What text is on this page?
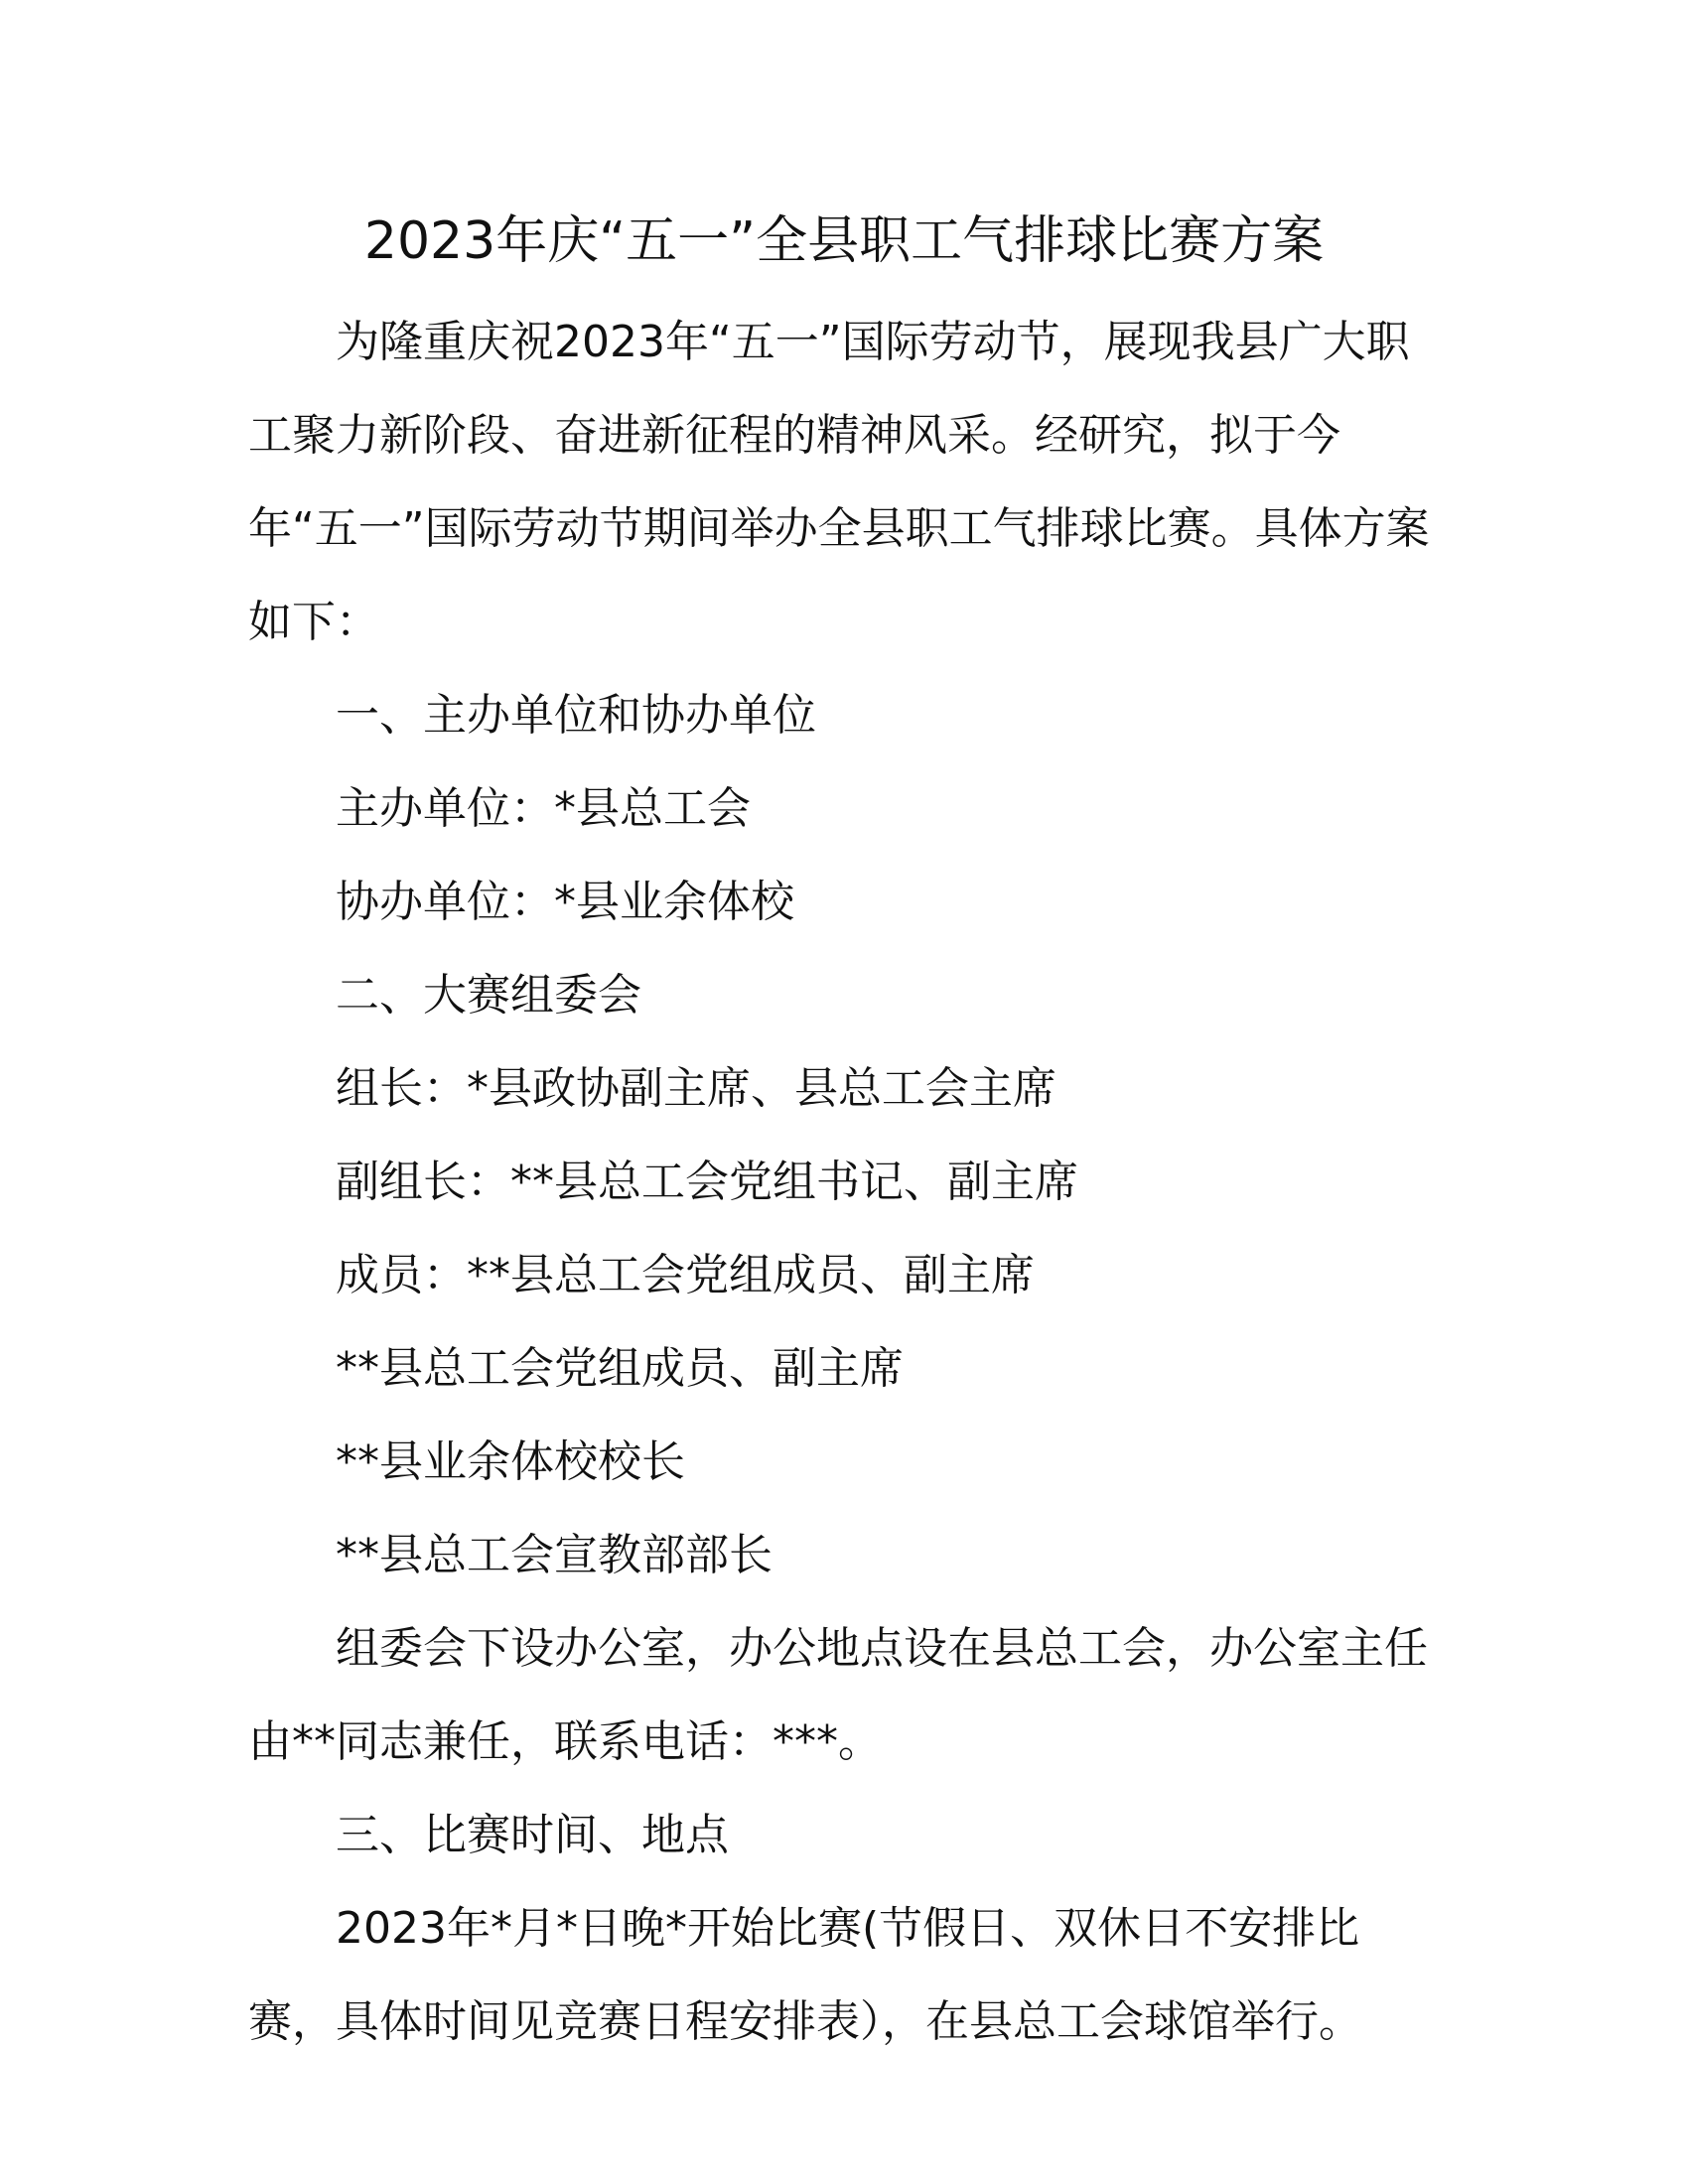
2023年庆“五一”全县职工气排球比赛方案

为隆重庆祝2023年“五一”国际劳动节，展现我县广大职工聚力新阶段、奋进新征程的精神风采。经研究，拟于今年“五一”国际劳动节期间举办全县职工气排球比赛。具体方案如下：

一、主办单位和协办单位

主办单位：*县总工会

协办单位：*县业余体校

二、大赛组委会

组长：*县政协副主席、县总工会主席

副组长：**县总工会党组书记、副主席

成员：**县总工会党组成员、副主席

**县总工会党组成员、副主席

**县业余体校校长

**县总工会宣教部部长

组委会下设办公室，办公地点设在县总工会，办公室主任由**同志兼任，联系电话：***。

三、比赛时间、地点

2023年*月*日晚*开始比赛(节假日、双休日不安排比赛，具体时间见竞赛日程安排表），在县总工会球馆举行。
